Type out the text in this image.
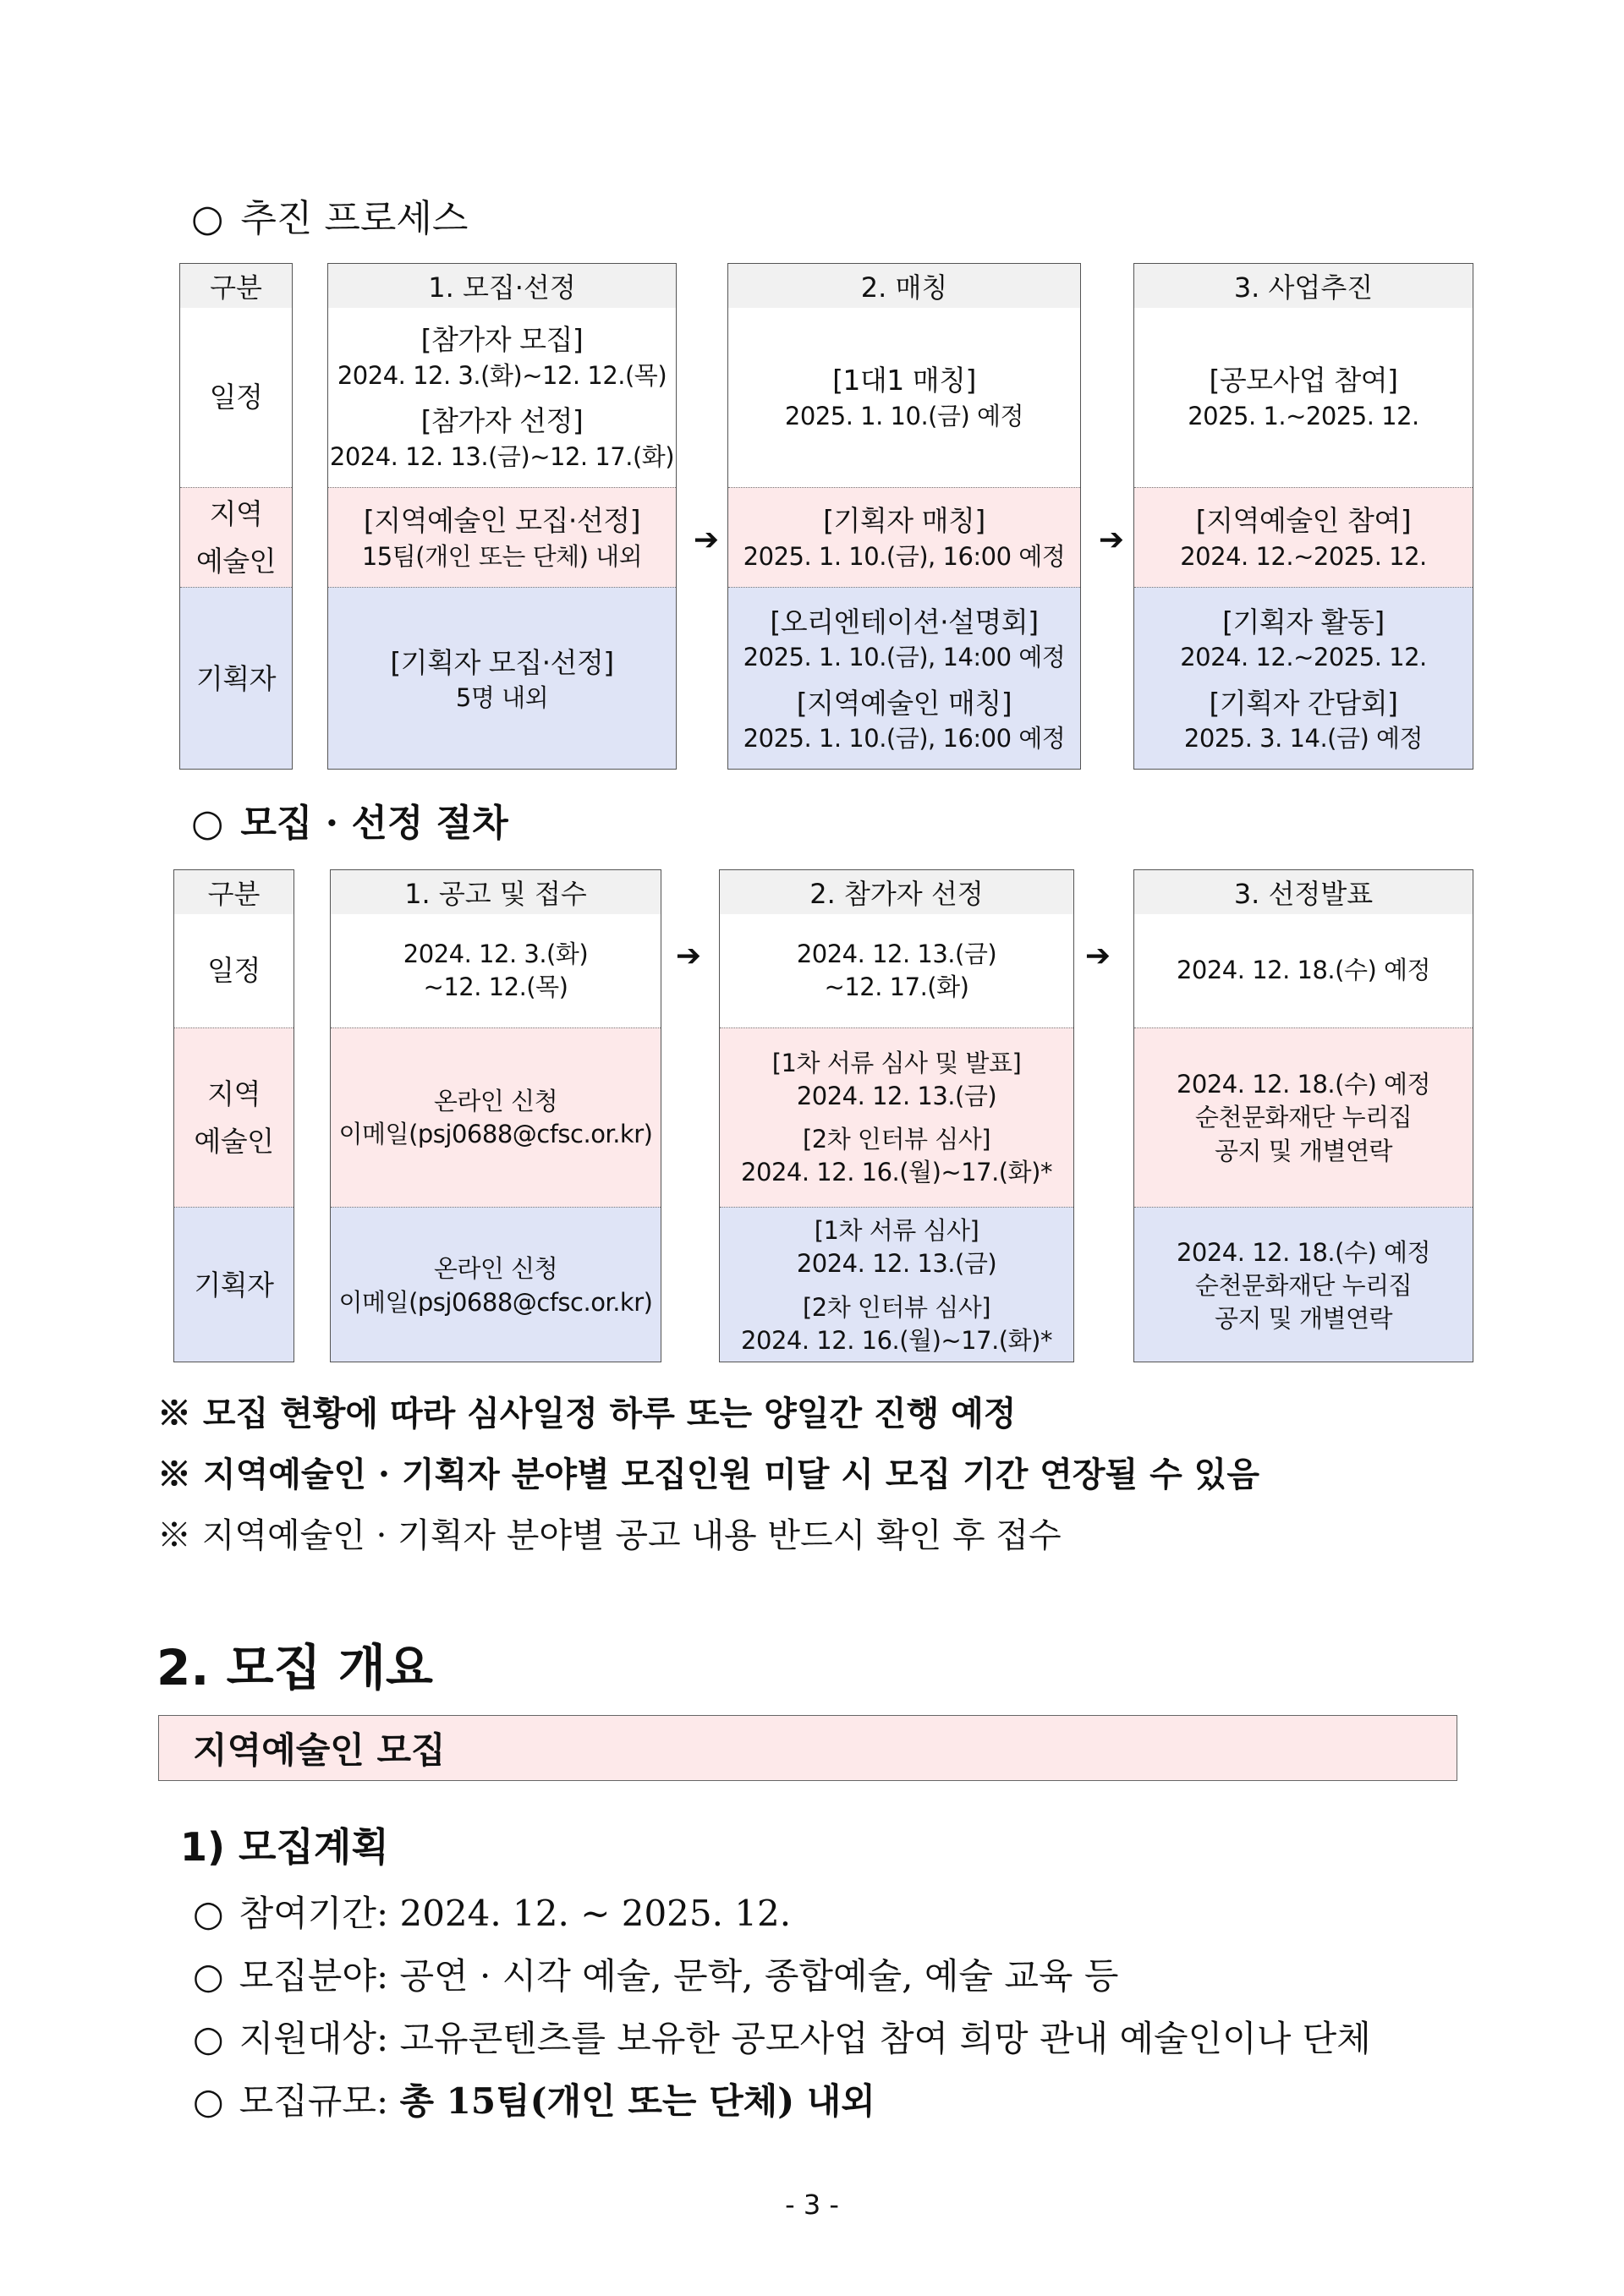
○ 추진 프로세스
구분
일정
지역
예술인
기획자
1. 모집·선정
[참가자 모집]
2024. 12. 3.(화)~12. 12.(목)
[참가자 선정]
2024. 12. 13.(금)~12. 17.(화)
[지역예술인 모집·선정]
15팀(개인 또는 단체) 내외
[기획자 모집·선정]
5명 내외
➔
2. 매칭
[1대1 매칭]
2025. 1. 10.(금) 예정
[기획자 매칭]
2025. 1. 10.(금), 16:00 예정
[오리엔테이션·설명회]
2025. 1. 10.(금), 14:00 예정
[지역예술인 매칭]
2025. 1. 10.(금), 16:00 예정
➔
3. 사업추진
[공모사업 참여]
2025. 1.~2025. 12.
[지역예술인 참여]
2024. 12.~2025. 12.
[기획자 활동]
2024. 12.~2025. 12.
[기획자 간담회]
2025. 3. 14.(금) 예정
○ 모집 · 선정 절차
구분
일정
지역
예술인
기획자
1. 공고 및 접수
2024. 12. 3.(화)
~12. 12.(목)
온라인 신청
이메일(psj0688@cfsc.or.kr)
온라인 신청
이메일(psj0688@cfsc.or.kr)
➔
2. 참가자 선정
2024. 12. 13.(금)
~12. 17.(화)
[1차 서류 심사 및 발표]
2024. 12. 13.(금)
[2차 인터뷰 심사]
2024. 12. 16.(월)~17.(화)*
[1차 서류 심사]
2024. 12. 13.(금)
[2차 인터뷰 심사]
2024. 12. 16.(월)~17.(화)*
➔
3. 선정발표
2024. 12. 18.(수) 예정
2024. 12. 18.(수) 예정
순천문화재단 누리집
공지 및 개별연락
2024. 12. 18.(수) 예정
순천문화재단 누리집
공지 및 개별연락
※ 모집 현황에 따라 심사일정 하루 또는 양일간 진행 예정
※ 지역예술인 · 기획자 분야별 모집인원 미달 시 모집 기간 연장될 수 있음
※ 지역예술인 · 기획자 분야별 공고 내용 반드시 확인 후 접수
2. 모집 개요
지역예술인 모집
1) 모집계획
○ 참여기간: 2024. 12. ~ 2025. 12.
○ 모집분야: 공연 · 시각 예술, 문학, 종합예술, 예술 교육 등
○ 지원대상: 고유콘텐츠를 보유한 공모사업 참여 희망 관내 예술인이나 단체
○ 모집규모: 총 15팀(개인 또는 단체) 내외
- 3 -
